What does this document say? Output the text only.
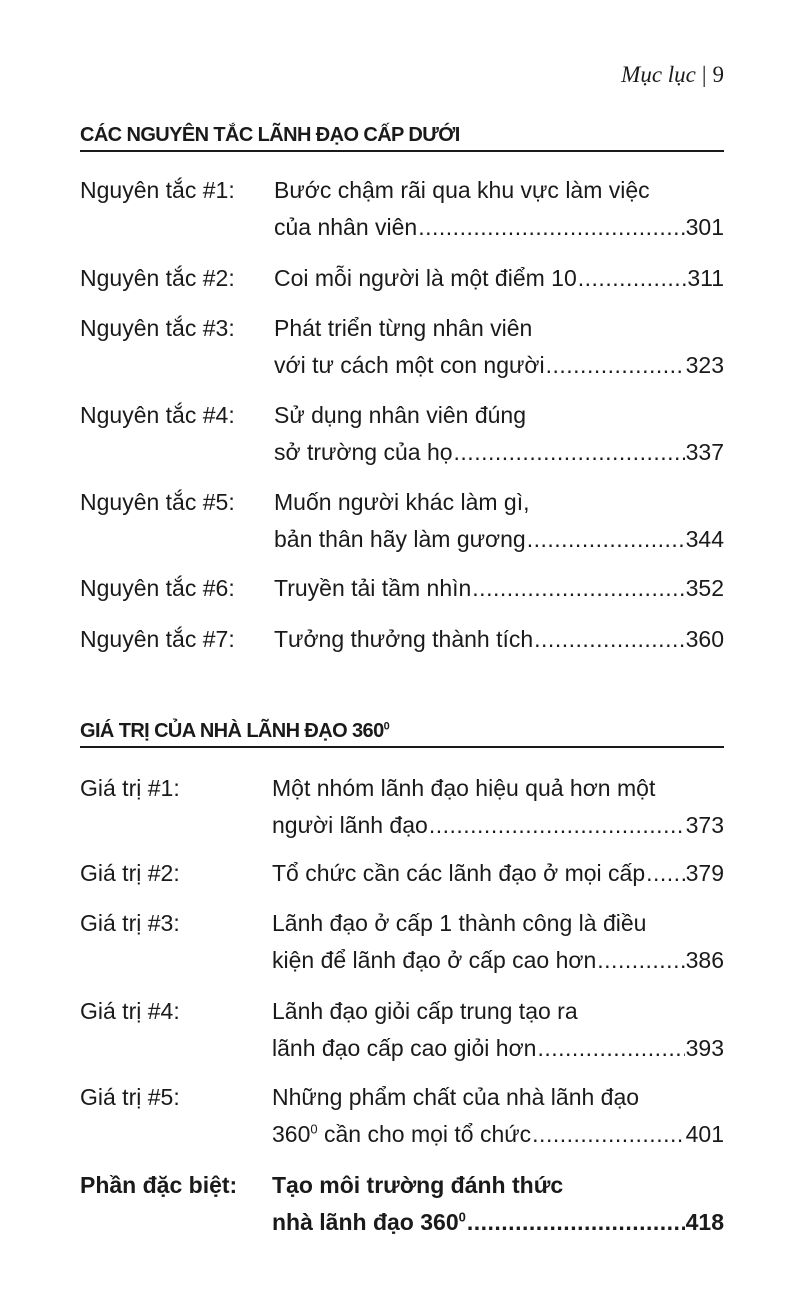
Mục lục | 9
CÁC NGUYÊN TẮC LÃNH ĐẠO CẤP DƯỚI
Nguyên tắc #1: Bước chậm rãi qua khu vực làm việc
của nhân viên .....	301
Nguyên tắc #2: Coi mỗi người là một điểm 10 .....	311
Nguyên tắc #3: Phát triển từng nhân viên
với tư cách một con người .....	323
Nguyên tắc #4: Sử dụng nhân viên đúng
sở trường của họ .....	337
Nguyên tắc #5: Muốn người khác làm gì,
bản thân hãy làm gương .....	344
Nguyên tắc #6: Truyền tải tầm nhìn .....	352
Nguyên tắc #7: Tưởng thưởng thành tích .....	360
GIÁ TRỊ CỦA NHÀ LÃNH ĐẠO $360^0$
Giá trị #1:	Một nhóm lãnh đạo hiệu quả hơn một
người lãnh đạo .....	373
Giá trị #2:	Tổ chức cần các lãnh đạo ở mọi cấp ..... 379
Giá trị #3:	Lãnh đạo ở cấp 1 thành công là điều
kiện để lãnh đạo ở cấp cao hơn .....	386
Giá trị #4:	Lãnh đạo giỏi cấp trung tạo ra
lãnh đạo cấp cao giỏi hơn .....	393
Giá trị #5:	Những phẩm chất của nhà lãnh đạo
$360^0$ cần cho mọi tổ chức .....	401
Phần đặc biệt: Tạo môi trường đánh thức
nhà lãnh đạo $360^0$ .....	418
